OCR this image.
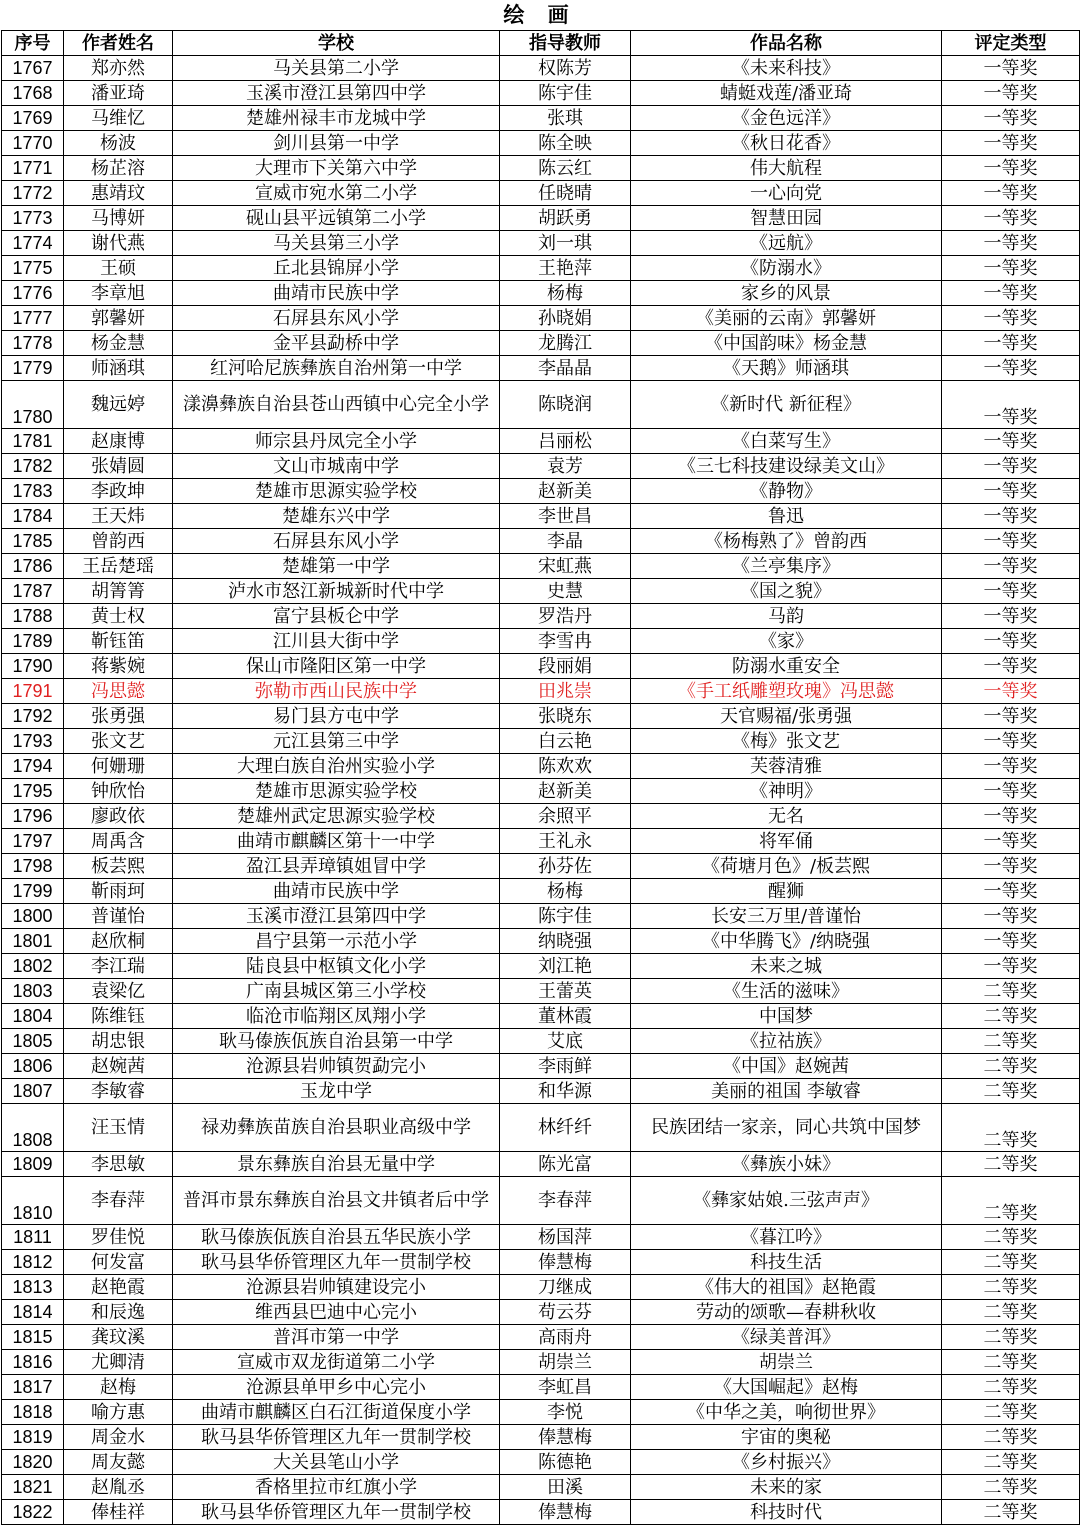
绘 画
序号	作者姓名	学校	指导教师	作品名称	评定类型
1767	郑亦然	马关县第二小学	权陈芳	《未来科技》	一等奖
1768	潘亚琦	玉溪市澄江县第四中学	陈宇佳	蜻蜓戏莲/潘亚琦	一等奖
1769	马维忆	楚雄州禄丰市龙城中学	张琪	《金色远洋》	一等奖
1770	杨波	剑川县第一中学	陈全映	《秋日花香》	一等奖
1771	杨芷溶	大理市下关第六中学	陈云红	伟大航程	一等奖
1772	惠靖玟	宣威市宛水第二小学	任晓晴	一心向党	一等奖
1773	马博妍	砚山县平远镇第二小学	胡跃勇	智慧田园	一等奖
1774	谢代燕	马关县第三小学	刘一琪	《远航》	一等奖
1775	王硕	丘北县锦屏小学	王艳萍	《防溺水》	一等奖
1776	李章旭	曲靖市民族中学	杨梅	家乡的风景	一等奖
1777	郭馨妍	石屏县东风小学	孙晓娟	《美丽的云南》郭馨妍	一等奖
1778	杨金慧	金平县勐桥中学	龙腾江	《中国韵味》杨金慧	一等奖
1779	师涵琪	红河哈尼族彝族自治州第一中学	李晶晶	《天鹅》师涵琪	一等奖
1780	魏远婷	漾濞彝族自治县苍山西镇中心完全小学	陈晓润	《新时代 新征程》	一等奖
1781	赵康博	师宗县丹凤完全小学	吕丽松	《白菜写生》	一等奖
1782	张婧圆	文山市城南中学	袁芳	《三七科技建设绿美文山》	一等奖
1783	李政坤	楚雄市思源实验学校	赵新美	《静物》	一等奖
1784	王天炜	楚雄东兴中学	李世昌	鲁迅	一等奖
1785	曾韵西	石屏县东风小学	李晶	《杨梅熟了》曾韵西	一等奖
1786	王岳楚瑶	楚雄第一中学	宋虹燕	《兰亭集序》	一等奖
1787	胡箐箐	泸水市怒江新城新时代中学	史慧	《国之貌》	一等奖
1788	黄士权	富宁县板仑中学	罗浩丹	马韵	一等奖
1789	靳钰笛	江川县大街中学	李雪冉	《家》	一等奖
1790	蒋紫婉	保山市隆阳区第一中学	段丽娟	防溺水重安全	一等奖
1791	冯思懿	弥勒市西山民族中学	田兆崇	《手工纸雕塑玫瑰》冯思懿	一等奖
1792	张勇强	易门县方屯中学	张晓东	天官赐福/张勇强	一等奖
1793	张文艺	元江县第三中学	白云艳	《梅》张文艺	一等奖
1794	何姗珊	大理白族自治州实验小学	陈欢欢	芙蓉清雅	一等奖
1795	钟欣怡	楚雄市思源实验学校	赵新美	《神明》	一等奖
1796	廖政依	楚雄州武定思源实验学校	余照平	无名	一等奖
1797	周禹含	曲靖市麒麟区第十一中学	王礼永	将军俑	一等奖
1798	板芸熙	盈江县弄璋镇姐冒中学	孙芬佐	《荷塘月色》/板芸熙	一等奖
1799	靳雨珂	曲靖市民族中学	杨梅	醒狮	一等奖
1800	普谨怡	玉溪市澄江县第四中学	陈宇佳	长安三万里/普谨怡	一等奖
1801	赵欣桐	昌宁县第一示范小学	纳晓强	《中华腾飞》/纳晓强	一等奖
1802	李江瑞	陆良县中枢镇文化小学	刘江艳	未来之城	一等奖
1803	袁梁亿	广南县城区第三小学校	王蕾英	《生活的滋味》	二等奖
1804	陈维钰	临沧市临翔区凤翔小学	董林霞	中国梦	二等奖
1805	胡忠银	耿马傣族佤族自治县第一中学	艾底	《拉祜族》	二等奖
1806	赵婉茜	沧源县岩帅镇贺勐完小	李雨鲜	《中国》赵婉茜	二等奖
1807	李敏睿	玉龙中学	和华源	美丽的祖国 李敏睿	二等奖
1808	汪玉情	禄劝彝族苗族自治县职业高级中学	林纤纤	民族团结一家亲，同心共筑中国梦	二等奖
1809	李思敏	景东彝族自治县无量中学	陈光富	《彝族小妹》	二等奖
1810	李春萍	普洱市景东彝族自治县文井镇者后中学	李春萍	《彝家姑娘.三弦声声》	二等奖
1811	罗佳悦	耿马傣族佤族自治县五华民族小学	杨国萍	《暮江吟》	二等奖
1812	何发富	耿马县华侨管理区九年一贯制学校	俸慧梅	科技生活	二等奖
1813	赵艳霞	沧源县岩帅镇建设完小	刀继成	《伟大的祖国》赵艳霞	二等奖
1814	和辰逸	维西县巴迪中心完小	苟云芬	劳动的颂歌—春耕秋收	二等奖
1815	龚玟溪	普洱市第一中学	高雨舟	《绿美普洱》	二等奖
1816	尤卿清	宣威市双龙街道第二小学	胡崇兰	胡崇兰	二等奖
1817	赵梅	沧源县单甲乡中心完小	李虹昌	《大国崛起》赵梅	二等奖
1818	喻方惠	曲靖市麒麟区白石江街道保度小学	李悦	《中华之美，响彻世界》	二等奖
1819	周金水	耿马县华侨管理区九年一贯制学校	俸慧梅	宇宙的奥秘	二等奖
1820	周友懿	大关县笔山小学	陈德艳	《乡村振兴》	二等奖
1821	赵胤丞	香格里拉市红旗小学	田溪	未来的家	二等奖
1822	俸桂祥	耿马县华侨管理区九年一贯制学校	俸慧梅	科技时代	二等奖
